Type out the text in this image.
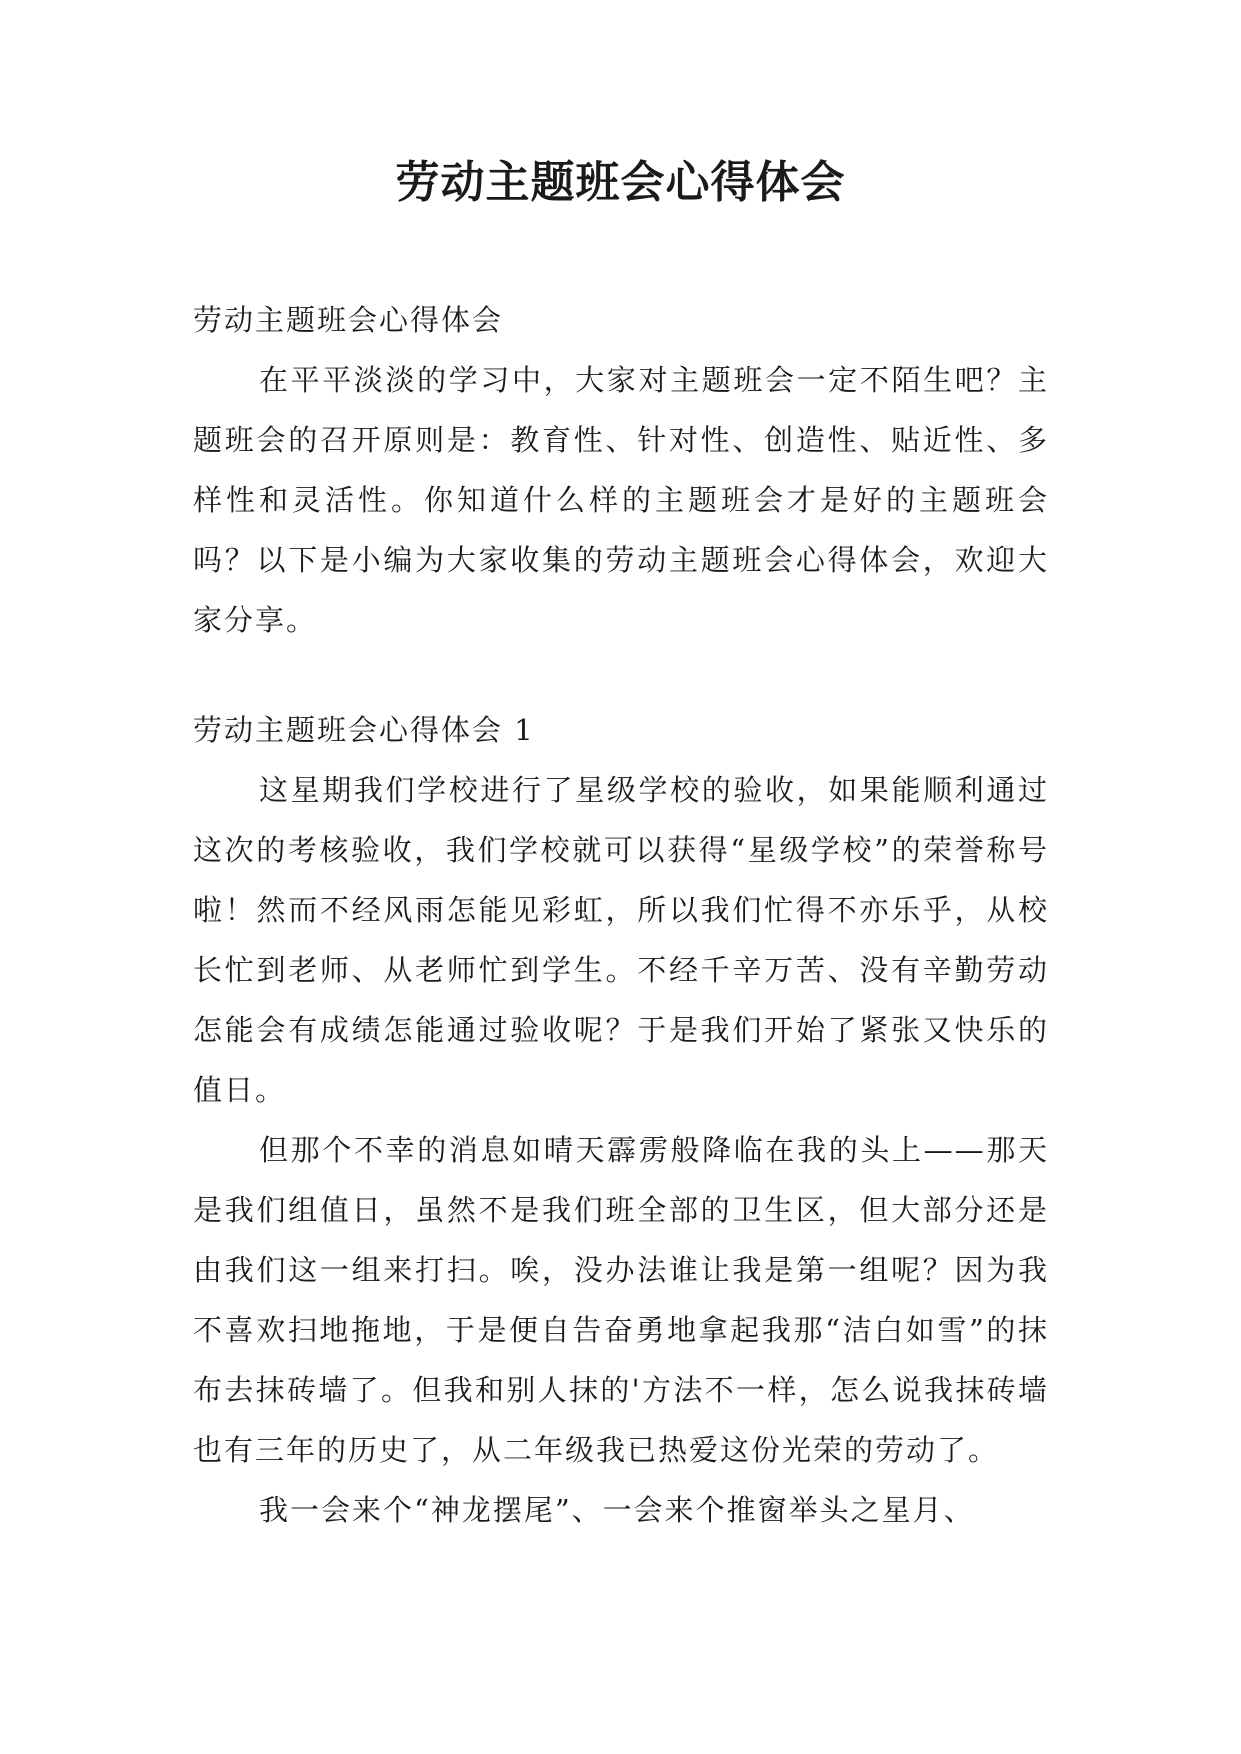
劳动主题班会心得体会

劳动主题班会心得体会

在平平淡淡的学习中，大家对主题班会一定不陌生吧？主题班会的召开原则是：教育性、针对性、创造性、贴近性、多样性和灵活性。你知道什么样的主题班会才是好的主题班会吗？以下是小编为大家收集的劳动主题班会心得体会，欢迎大家分享。

劳动主题班会心得体会 1

这星期我们学校进行了星级学校的验收，如果能顺利通过这次的考核验收，我们学校就可以获得“星级学校”的荣誉称号啦！然而不经风雨怎能见彩虹，所以我们忙得不亦乐乎，从校长忙到老师、从老师忙到学生。不经千辛万苦、没有辛勤劳动怎能会有成绩怎能通过验收呢？于是我们开始了紧张又快乐的值日。

但那个不幸的消息如晴天霹雳般降临在我的头上——那天是我们组值日，虽然不是我们班全部的卫生区，但大部分还是由我们这一组来打扫。唉，没办法谁让我是第一组呢？因为我不喜欢扫地拖地，于是便自告奋勇地拿起我那“洁白如雪”的抹布去抹砖墙了。但我和别人抹的'方法不一样，怎么说我抹砖墙也有三年的历史了，从二年级我已热爱这份光荣的劳动了。

我一会来个“神龙摆尾”、一会来个推窗举头之星月、
